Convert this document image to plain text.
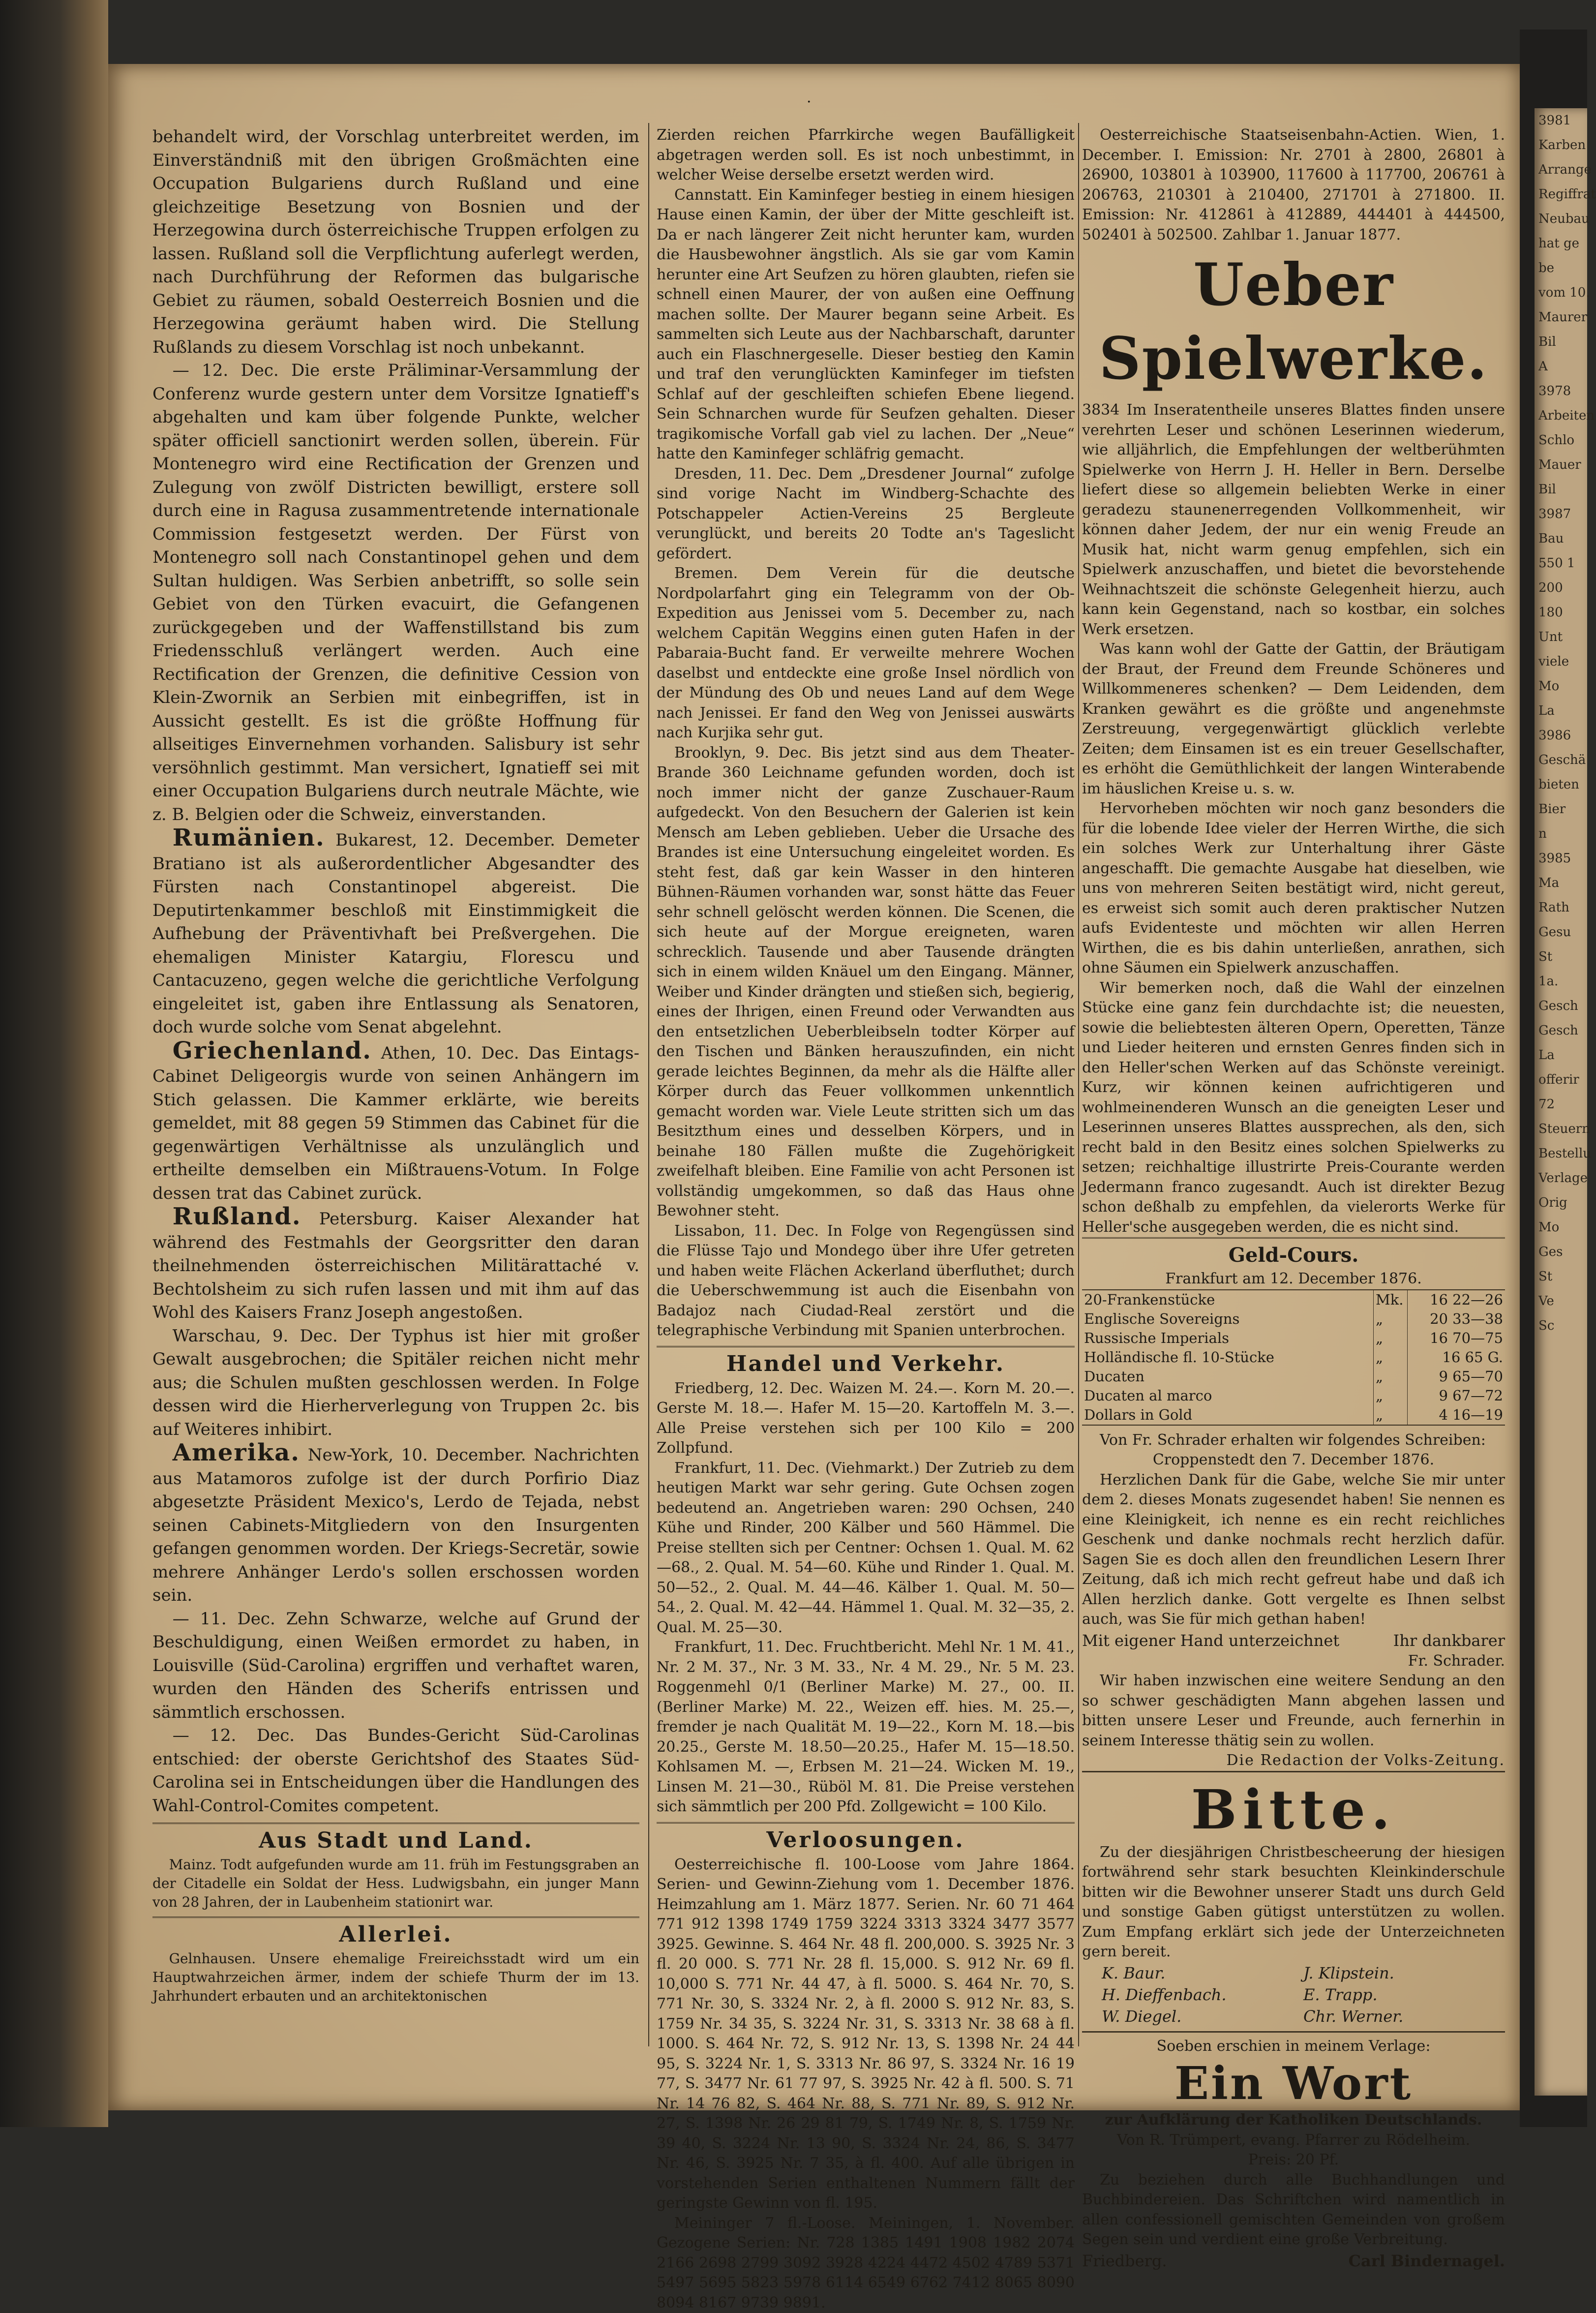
3981
Karben
Arrange
Regiffrat
Neubau
hat ge
be
vom 10.
Maurer
Bil
A
3978
Arbeiten
Schlo
Mauer
Bil
3987
Bau
550 1
200
180
Unt
viele
Mo
La
3986
Geschä
bieten
Bier
n
3985
Ma
Rath
Gesu
St
1a.
Gesch
Gesch
La
offerir
72
Steuern
Bestellu
Verlage
Orig
Mo
Ges
St
Ve
Sc
·

behandelt wird, der Vorschlag unterbreitet werden, im Einverständniß mit den übrigen Großmächten eine Occupation Bulgariens durch Rußland und eine gleichzeitige Besetzung von Bosnien und der Herzegowina durch österreichische Truppen erfolgen zu lassen. Rußland soll die Verpflichtung auferlegt werden, nach Durchführung der Reformen das bulgarische Gebiet zu räumen, sobald Oesterreich Bosnien und die Herzegowina geräumt haben wird. Die Stellung Rußlands zu diesem Vorschlag ist noch unbekannt.

— 12. Dec. Die erste Präliminar-Versammlung der Conferenz wurde gestern unter dem Vorsitze Ignatieff's abgehalten und kam über folgende Punkte, welcher später officiell sanctionirt werden sollen, überein. Für Montenegro wird eine Rectification der Grenzen und Zulegung von zwölf Districten bewilligt, erstere soll durch eine in Ragusa zusammentretende internationale Commission festgesetzt werden. Der Fürst von Montenegro soll nach Constantinopel gehen und dem Sultan huldigen. Was Serbien anbetrifft, so solle sein Gebiet von den Türken evacuirt, die Gefangenen zurückgegeben und der Waffenstillstand bis zum Friedensschluß verlängert werden. Auch eine Rectification der Grenzen, die definitive Cession von Klein-Zwornik an Serbien mit einbegriffen, ist in Aussicht gestellt. Es ist die größte Hoffnung für allseitiges Einvernehmen vorhanden. Salisbury ist sehr versöhnlich gestimmt. Man versichert, Ignatieff sei mit einer Occupation Bulgariens durch neutrale Mächte, wie z. B. Belgien oder die Schweiz, einverstanden.

Rumänien. Bukarest, 12. December. Demeter Bratiano ist als außerordentlicher Abgesandter des Fürsten nach Constantinopel abgereist. Die Deputirtenkammer beschloß mit Einstimmigkeit die Aufhebung der Präventivhaft bei Preßvergehen. Die ehemaligen Minister Katargiu, Florescu und Cantacuzeno, gegen welche die gerichtliche Verfolgung eingeleitet ist, gaben ihre Entlassung als Senatoren, doch wurde solche vom Senat abgelehnt.

Griechenland. Athen, 10. Dec. Das Eintags-Cabinet Deligeorgis wurde von seinen Anhängern im Stich gelassen. Die Kammer erklärte, wie bereits gemeldet, mit 88 gegen 59 Stimmen das Cabinet für die gegenwärtigen Verhältnisse als unzulänglich und ertheilte demselben ein Mißtrauens-Votum. In Folge dessen trat das Cabinet zurück.

Rußland. Petersburg. Kaiser Alexander hat während des Festmahls der Georgsritter den daran theilnehmenden österreichischen Militärattaché v. Bechtolsheim zu sich rufen lassen und mit ihm auf das Wohl des Kaisers Franz Joseph angestoßen.

Warschau, 9. Dec. Der Typhus ist hier mit großer Gewalt ausgebrochen; die Spitäler reichen nicht mehr aus; die Schulen mußten geschlossen werden. In Folge dessen wird die Hierherverlegung von Truppen 2c. bis auf Weiteres inhibirt.

Amerika. New-York, 10. December. Nachrichten aus Matamoros zufolge ist der durch Porfirio Diaz abgesetzte Präsident Mexico's, Lerdo de Tejada, nebst seinen Cabinets-Mitgliedern von den Insurgenten gefangen genommen worden. Der Kriegs-Secretär, sowie mehrere Anhänger Lerdo's sollen erschossen worden sein.

— 11. Dec. Zehn Schwarze, welche auf Grund der Beschuldigung, einen Weißen ermordet zu haben, in Louisville (Süd-Carolina) ergriffen und verhaftet waren, wurden den Händen des Scherifs entrissen und sämmtlich erschossen.

— 12. Dec. Das Bundes-Gericht Süd-Carolinas entschied: der oberste Gerichtshof des Staates Süd-Carolina sei in Entscheidungen über die Handlungen des Wahl-Control-Comites competent.

Aus Stadt und Land.

Mainz. Todt aufgefunden wurde am 11. früh im Festungsgraben an der Citadelle ein Soldat der Hess. Ludwigsbahn, ein junger Mann von 28 Jahren, der in Laubenheim stationirt war.

Allerlei.

Gelnhausen. Unsere ehemalige Freireichsstadt wird um ein Hauptwahrzeichen ärmer, indem der schiefe Thurm der im 13. Jahrhundert erbauten und an architektonischen

Zierden reichen Pfarrkirche wegen Baufälligkeit abgetragen werden soll. Es ist noch unbestimmt, in welcher Weise derselbe ersetzt werden wird.

Cannstatt. Ein Kaminfeger bestieg in einem hiesigen Hause einen Kamin, der über der Mitte geschleift ist. Da er nach längerer Zeit nicht herunter kam, wurden die Hausbewohner ängstlich. Als sie gar vom Kamin herunter eine Art Seufzen zu hören glaubten, riefen sie schnell einen Maurer, der von außen eine Oeffnung machen sollte. Der Maurer begann seine Arbeit. Es sammelten sich Leute aus der Nachbarschaft, darunter auch ein Flaschnergeselle. Dieser bestieg den Kamin und traf den verunglückten Kaminfeger im tiefsten Schlaf auf der geschleiften schiefen Ebene liegend. Sein Schnarchen wurde für Seufzen gehalten. Dieser tragikomische Vorfall gab viel zu lachen. Der „Neue“ hatte den Kaminfeger schläfrig gemacht.

Dresden, 11. Dec. Dem „Dresdener Journal“ zufolge sind vorige Nacht im Windberg-Schachte des Potschappeler Actien-Vereins 25 Bergleute verunglückt, und bereits 20 Todte an's Tageslicht gefördert.

Bremen. Dem Verein für die deutsche Nordpolarfahrt ging ein Telegramm von der Ob-Expedition aus Jenissei vom 5. December zu, nach welchem Capitän Weggins einen guten Hafen in der Pabaraia-Bucht fand. Er verweilte mehrere Wochen daselbst und entdeckte eine große Insel nördlich von der Mündung des Ob und neues Land auf dem Wege nach Jenissei. Er fand den Weg von Jenissei auswärts nach Kurjika sehr gut.

Brooklyn, 9. Dec. Bis jetzt sind aus dem Theater-Brande 360 Leichname gefunden worden, doch ist noch immer nicht der ganze Zuschauer-Raum aufgedeckt. Von den Besuchern der Galerien ist kein Mensch am Leben geblieben. Ueber die Ursache des Brandes ist eine Untersuchung eingeleitet worden. Es steht fest, daß gar kein Wasser in den hinteren Bühnen-Räumen vorhanden war, sonst hätte das Feuer sehr schnell gelöscht werden können. Die Scenen, die sich heute auf der Morgue ereigneten, waren schrecklich. Tausende und aber Tausende drängten sich in einem wilden Knäuel um den Eingang. Männer, Weiber und Kinder drängten und stießen sich, begierig, eines der Ihrigen, einen Freund oder Verwandten aus den entsetzlichen Ueberbleibseln todter Körper auf den Tischen und Bänken herauszufinden, ein nicht gerade leichtes Beginnen, da mehr als die Hälfte aller Körper durch das Feuer vollkommen unkenntlich gemacht worden war. Viele Leute stritten sich um das Besitzthum eines und desselben Körpers, und in beinahe 180 Fällen mußte die Zugehörigkeit zweifelhaft bleiben. Eine Familie von acht Personen ist vollständig umgekommen, so daß das Haus ohne Bewohner steht.

Lissabon, 11. Dec. In Folge von Regengüssen sind die Flüsse Tajo und Mondego über ihre Ufer getreten und haben weite Flächen Ackerland überfluthet; durch die Ueberschwemmung ist auch die Eisenbahn von Badajoz nach Ciudad-Real zerstört und die telegraphische Verbindung mit Spanien unterbrochen.

Handel und Verkehr.

Friedberg, 12. Dec. Waizen M. 24.—. Korn M. 20.—. Gerste M. 18.—. Hafer M. 15—20. Kartoffeln M. 3.—. Alle Preise verstehen sich per 100 Kilo = 200 Zollpfund.

Frankfurt, 11. Dec. (Viehmarkt.) Der Zutrieb zu dem heutigen Markt war sehr gering. Gute Ochsen zogen bedeutend an. Angetrieben waren: 290 Ochsen, 240 Kühe und Rinder, 200 Kälber und 560 Hämmel. Die Preise stellten sich per Centner: Ochsen 1. Qual. M. 62—68., 2. Qual. M. 54—60. Kühe und Rinder 1. Qual. M. 50—52., 2. Qual. M. 44—46. Kälber 1. Qual. M. 50—54., 2. Qual. M. 42—44. Hämmel 1. Qual. M. 32—35, 2. Qual. M. 25—30.

Frankfurt, 11. Dec. Fruchtbericht. Mehl Nr. 1 M. 41., Nr. 2 M. 37., Nr. 3 M. 33., Nr. 4 M. 29., Nr. 5 M. 23. Roggenmehl 0/1 (Berliner Marke) M. 27., 00. II. (Berliner Marke) M. 22., Weizen eff. hies. M. 25.—, fremder je nach Qualität M. 19—22., Korn M. 18.—bis 20.25., Gerste M. 18.50—20.25., Hafer M. 15—18.50. Kohlsamen M. —, Erbsen M. 21—24. Wicken M. 19., Linsen M. 21—30., Rüböl M. 81. Die Preise verstehen sich sämmtlich per 200 Pfd. Zollgewicht = 100 Kilo.

Verloosungen.

Oesterreichische fl. 100-Loose vom Jahre 1864. Serien- und Gewinn-Ziehung vom 1. December 1876. Heimzahlung am 1. März 1877. Serien. Nr. 60 71 464 771 912 1398 1749 1759 3224 3313 3324 3477 3577 3925. Gewinne. S. 464 Nr. 48 fl. 200,000. S. 3925 Nr. 3 fl. 20 000. S. 771 Nr. 28 fl. 15,000. S. 912 Nr. 69 fl. 10,000 S. 771 Nr. 44 47, à fl. 5000. S. 464 Nr. 70, S. 771 Nr. 30, S. 3324 Nr. 2, à fl. 2000 S. 912 Nr. 83, S. 1759 Nr. 34 35, S. 3224 Nr. 31, S. 3313 Nr. 38 68 à fl. 1000. S. 464 Nr. 72, S. 912 Nr. 13, S. 1398 Nr. 24 44 95, S. 3224 Nr. 1, S. 3313 Nr. 86 97, S. 3324 Nr. 16 19 77, S. 3477 Nr. 61 77 97, S. 3925 Nr. 42 à fl. 500. S. 71 Nr. 14 76 82, S. 464 Nr. 88, S. 771 Nr. 89, S. 912 Nr. 27, S. 1398 Nr. 26 29 81 79, S. 1749 Nr. 8, S. 1759 Nr. 39 40, S. 3224 Nr. 13 90, S. 3324 Nr. 24, 86, S. 3477 Nr. 46, S. 3925 Nr. 7 35, à fl. 400. Auf alle übrigen in vorstehenden Serien enthaltenen Nummern fällt der geringste Gewinn von fl. 195.

Meininger 7 fl.-Loose. Meiningen, 1. November. Gezogene Serien: Nr. 728 1385 1491 1908 1982 2074 2166 2698 2799 3092 3928 4224 4472 4502 4789 5371 5497 5695 5823 5978 6114 6549 6762 7412 8065 8090 8094 8167 9739 9891.

Oesterreichische Staatseisenbahn-Actien. Wien, 1. December. I. Emission: Nr. 2701 à 2800, 26801 à 26900, 103801 à 103900, 117600 à 117700, 206761 à 206763, 210301 à 210400, 271701 à 271800. II. Emission: Nr. 412861 à 412889, 444401 à 444500, 502401 à 502500. Zahlbar 1. Januar 1877.

Ueber Spielwerke.

3834 Im Inseratentheile unseres Blattes finden unsere verehrten Leser und schönen Leserinnen wiederum, wie alljährlich, die Empfehlungen der weltberühmten Spielwerke von Herrn J. H. Heller in Bern. Derselbe liefert diese so allgemein beliebten Werke in einer geradezu staunenerregenden Vollkommenheit, wir können daher Jedem, der nur ein wenig Freude an Musik hat, nicht warm genug empfehlen, sich ein Spielwerk anzuschaffen, und bietet die bevorstehende Weihnachtszeit die schönste Gelegenheit hierzu, auch kann kein Gegenstand, nach so kostbar, ein solches Werk ersetzen.

Was kann wohl der Gatte der Gattin, der Bräutigam der Braut, der Freund dem Freunde Schöneres und Willkommeneres schenken? — Dem Leidenden, dem Kranken gewährt es die größte und angenehmste Zerstreuung, vergegenwärtigt glücklich verlebte Zeiten; dem Einsamen ist es ein treuer Gesellschafter, es erhöht die Gemüthlichkeit der langen Winterabende im häuslichen Kreise u. s. w.

Hervorheben möchten wir noch ganz besonders die für die lobende Idee vieler der Herren Wirthe, die sich ein solches Werk zur Unterhaltung ihrer Gäste angeschafft. Die gemachte Ausgabe hat dieselben, wie uns von mehreren Seiten bestätigt wird, nicht gereut, es erweist sich somit auch deren praktischer Nutzen aufs Evidenteste und möchten wir allen Herren Wirthen, die es bis dahin unterließen, anrathen, sich ohne Säumen ein Spielwerk anzuschaffen.

Wir bemerken noch, daß die Wahl der einzelnen Stücke eine ganz fein durchdachte ist; die neuesten, sowie die beliebtesten älteren Opern, Operetten, Tänze und Lieder heiteren und ernsten Genres finden sich in den Heller'schen Werken auf das Schönste vereinigt. Kurz, wir können keinen aufrichtigeren und wohlmeinenderen Wunsch an die geneigten Leser und Leserinnen unseres Blattes aussprechen, als den, sich recht bald in den Besitz eines solchen Spielwerks zu setzen; reichhaltige illustrirte Preis-Courante werden Jedermann franco zugesandt. Auch ist direkter Bezug schon deßhalb zu empfehlen, da vielerorts Werke für Heller'sche ausgegeben werden, die es nicht sind.

Geld-Cours.

Frankfurt am 12. December 1876.

20-Frankenstücke	Mk.	16 22—26
Englische Sovereigns	„	20 33—38
Russische Imperials	„	16 70—75
Holländische fl. 10-Stücke	„	16 65 G.
Ducaten	„	9 65—70
Ducaten al marco	„	9 67—72
Dollars in Gold	„	4 16—19

Von Fr. Schrader erhalten wir folgendes Schreiben:

Croppenstedt den 7. December 1876.

Herzlichen Dank für die Gabe, welche Sie mir unter dem 2. dieses Monats zugesendet haben! Sie nennen es eine Kleinigkeit, ich nenne es ein recht reichliches Geschenk und danke nochmals recht herzlich dafür. Sagen Sie es doch allen den freundlichen Lesern Ihrer Zeitung, daß ich mich recht gefreut habe und daß ich Allen herzlich danke. Gott vergelte es Ihnen selbst auch, was Sie für mich gethan haben!

Mit eigener Hand unterzeichnet	Ihr dankbarer
Fr. Schrader.

Wir haben inzwischen eine weitere Sendung an den so schwer geschädigten Mann abgehen lassen und bitten unsere Leser und Freunde, auch fernerhin in seinem Interesse thätig sein zu wollen.

Die Redaction der Volks-Zeitung.
Bitte.

Zu der diesjährigen Christbescheerung der hiesigen fortwährend sehr stark besuchten Kleinkinderschule bitten wir die Bewohner unserer Stadt uns durch Geld und sonstige Gaben gütigst unterstützen zu wollen. Zum Empfang erklärt sich jede der Unterzeichneten gern bereit.

K. Baur.	J. Klipstein.
H. Dieffenbach.	E. Trapp.
W. Diegel.	Chr. Werner.

Soeben erschien in meinem Verlage:

Ein Wort

zur Aufklärung der Katholiken Deutschlands.

Von R. Trümpert, evang. Pfarrer zu Rödelheim.

Preis: 20 Pf.

Zu beziehen durch alle Buchhandlungen und Buchbindereien. Das Schriftchen wird namentlich in allen confessionell gemischten Gemeinden von großem Segen sein und verdient eine große Verbreitung.

Friedberg.	Carl Bindernagel.
